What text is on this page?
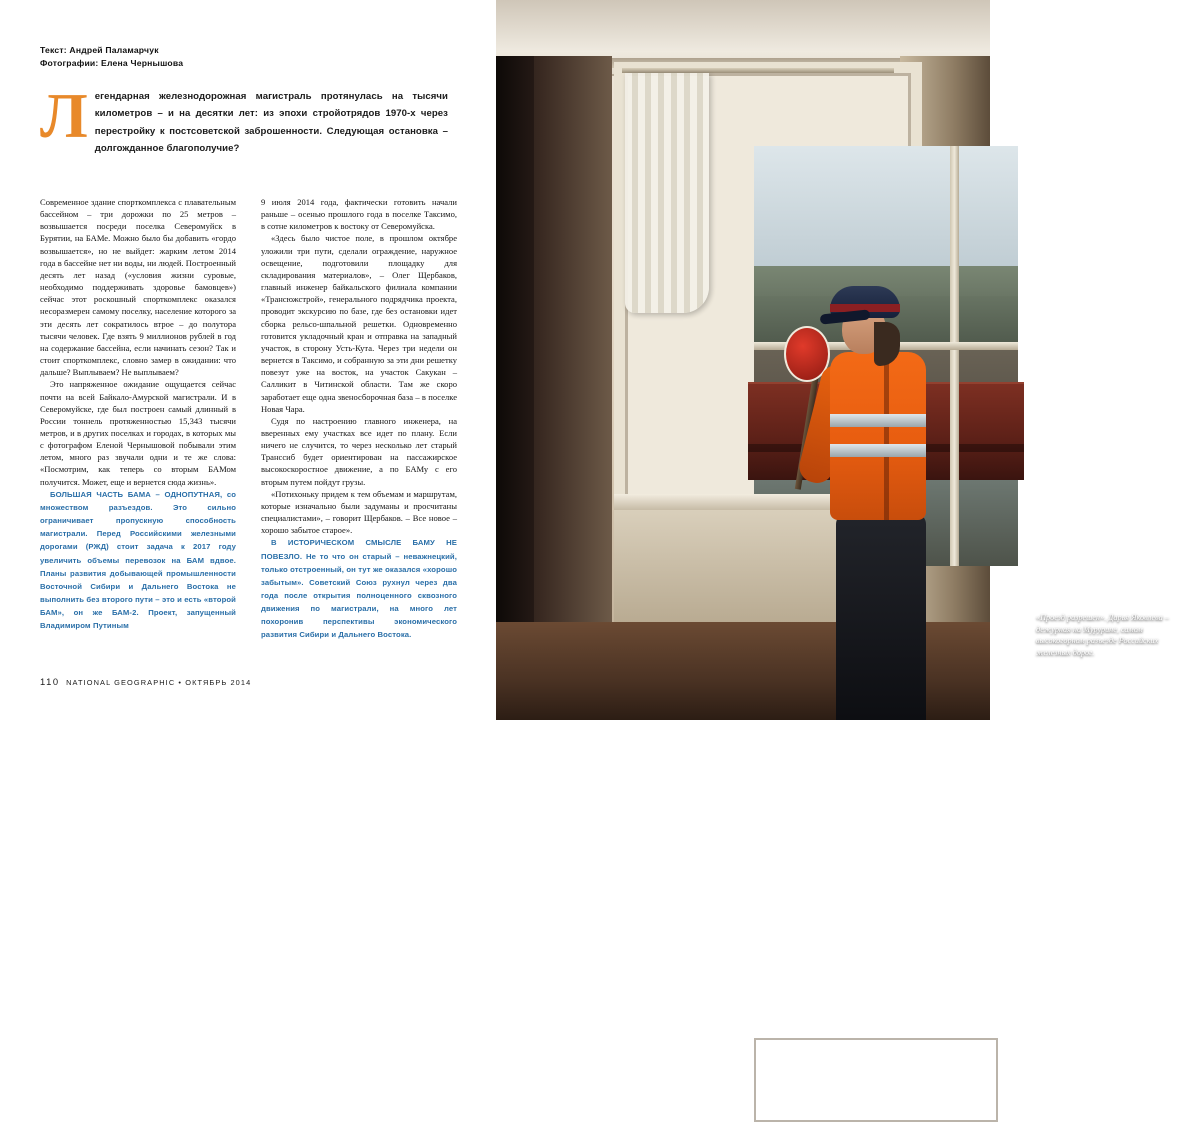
Текст: Андрей Паламарчук
Фотографии: Елена Чернышова
Легендарная железнодорожная магистраль протянулась на тысячи километров – и на десятки лет: из эпохи стройотрядов 1970-х через перестройку к постсоветской заброшенности. Следующая остановка – долгожданное благополучие?

Современное здание спорткомплекса с плавательным бассейном – три дорожки по 25 метров – возвышается посреди поселка Северомуйск в Бурятии, на БАМе. Можно было бы добавить «гордо возвышается», но не выйдет: жарким летом 2014 года в бассейне нет ни воды, ни людей. Построенный десять лет назад («условия жизни суровые, необходимо поддерживать здоровье бамовцев») сейчас этот роскошный спорткомплекс оказался несоразмерен самому поселку, население которого за эти десять лет сократилось втрое – до полутора тысячи человек. Где взять 9 миллионов рублей в год на содержание бассейна, если начинать сезон? Так и стоит спорткомплекс, словно замер в ожидании: что дальше? Выплываем? Не выплываем?

Это напряженное ожидание ощущается сейчас почти на всей Байкало-Амурской магистрали. И в Северомуйске, где был построен самый длинный в России тоннель протяженностью 15,343 тысячи метров, и в других поселках и городах, в которых мы с фотографом Еленой Чернышовой побывали этим летом, много раз звучали одни и те же слова: «Посмотрим, как теперь со вторым БАМом получится. Может, еще и вернется сюда жизнь».

БОЛЬШАЯ ЧАСТЬ БАМА – ОДНОПУТНАЯ, со множеством разъездов. Это сильно ограничивает пропускную способность магистрали. Перед Российскими железными дорогами (РЖД) стоит задача к 2017 году увеличить объемы перевозок на БАМ вдвое. Планы развития добывающей промышленности Восточной Сибири и Дальнего Востока не выполнить без второго пути – это и есть «второй БАМ», он же БАМ-2. Проект, запущенный Владимиром Путиным

9 июля 2014 года, фактически готовить начали раньше – осенью прошлого года в поселке Таксимо, в сотне километров к востоку от Северомуйска.

«Здесь было чистое поле, в прошлом октябре уложили три пути, сделали ограждение, наружное освещение, подготовили площадку для складирования материалов», – Олег Щербаков, главный инженер байкальского филиала компании «Трансюжстрой», генерального подрядчика проекта, проводит экскурсию по базе, где без остановки идет сборка рельсо-шпальной решетки. Одновременно готовится укладочный кран и отправка на западный участок, в сторону Усть-Кута. Через три недели он вернется в Таксимо, и собранную за эти дни решетку повезут уже на восток, на участок Сакукан – Салликит в Читинской области. Там же скоро заработает еще одна звеносборочная база – в поселке Новая Чара.

Судя по настроению главного инженера, на вверенных ему участках все идет по плану. Если ничего не случится, то через несколько лет старый Транссиб будет ориентирован на пассажирское высокоскоростное движение, а по БАМу с его вторым путем пойдут грузы.

«Потихоньку придем к тем объемам и маршрутам, которые изначально были задуманы и просчитаны специалистами», – говорит Щербаков. – Все новое – хорошо забытое старое».

В ИСТОРИЧЕСКОМ СМЫСЛЕ БАМУ НЕ ПОВЕЗЛО. Не то что он старый – неважнецкий, только отстроенный, он тут же оказался «хорошо забытым». Советский Союз рухнул через два года после открытия полноценного сквозного движения по магистрали, на много лет похоронив перспективы экономического развития Сибири и Дальнего Востока.

110 NATIONAL GEOGRAPHIC • ОКТЯБРЬ 2014
«Проезд разрешен». Дарья Яковлева – дежурная на Мурурине, самом высокогорном разъезде Российских железных дорог.
